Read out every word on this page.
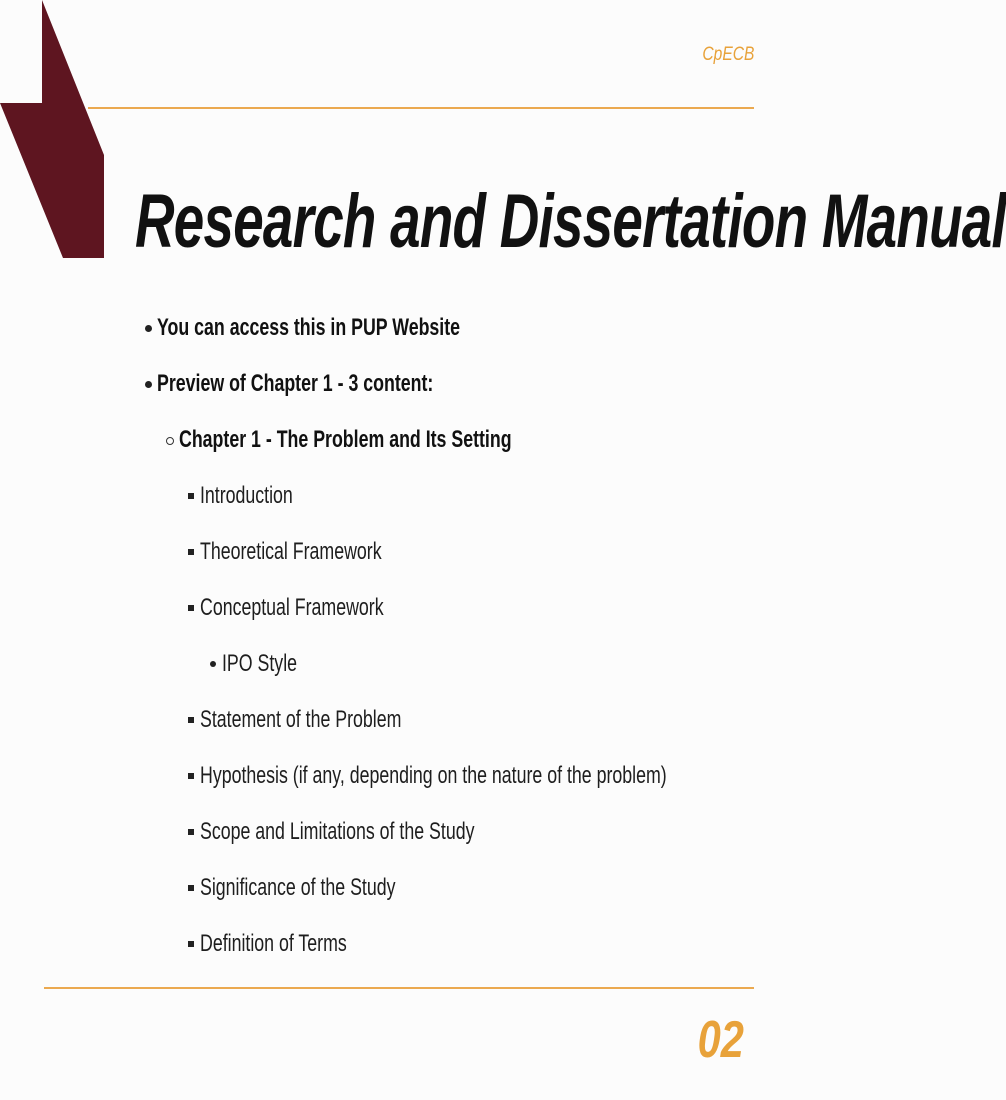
CpECB
Research and Dissertation Manual
You can access this in PUP Website
Preview of Chapter 1 - 3 content:
Chapter 1 - The Problem and Its Setting
Introduction
Theoretical Framework
Conceptual Framework
IPO Style
Statement of the Problem
Hypothesis (if any, depending on the nature of the problem)
Scope and Limitations of the Study
Significance of the Study
Definition of Terms
02
